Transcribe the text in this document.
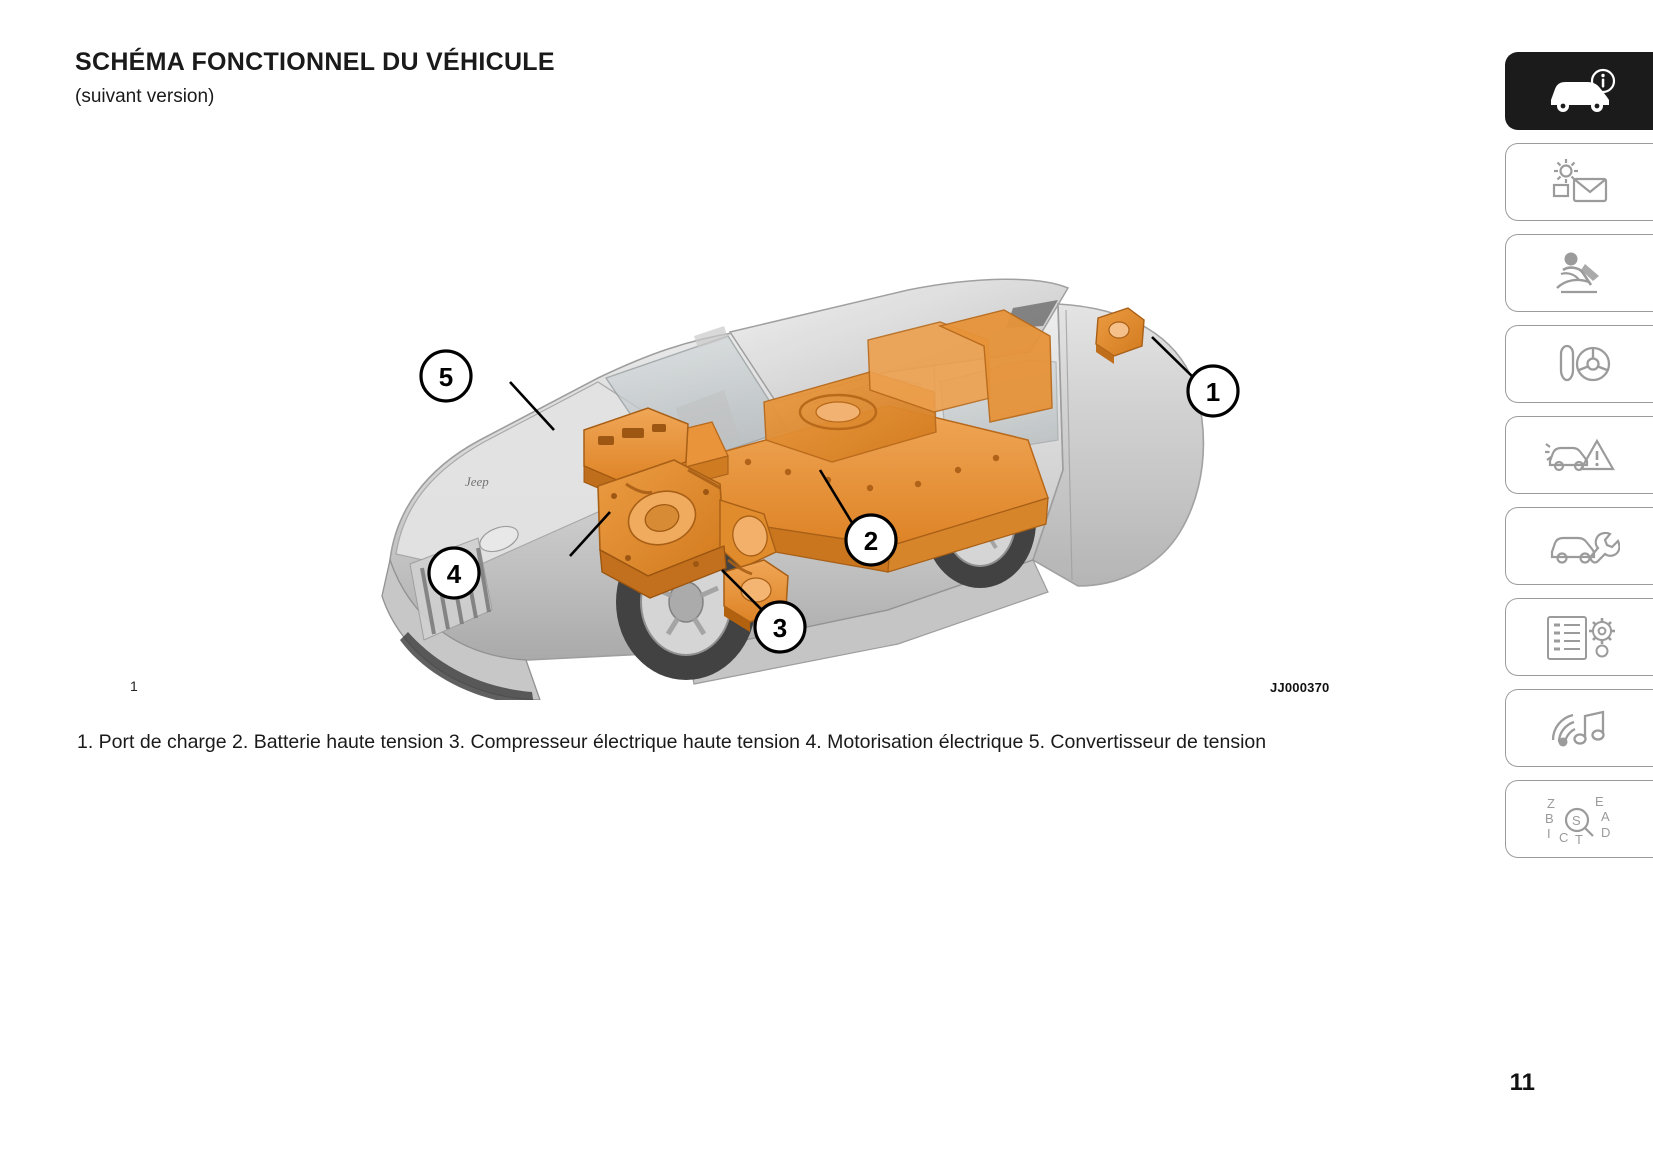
SCHÉMA FONCTIONNEL DU VÉHICULE
(suivant version)
Jeep
1
2
3
4
5
1	JJ000370
1. Port de charge 2. Batterie haute tension 3. Compresseur électrique haute tension 4. Motorisation électrique 5. Convertisseur de tension
Z
B
I C T
E
A
D
S
11
